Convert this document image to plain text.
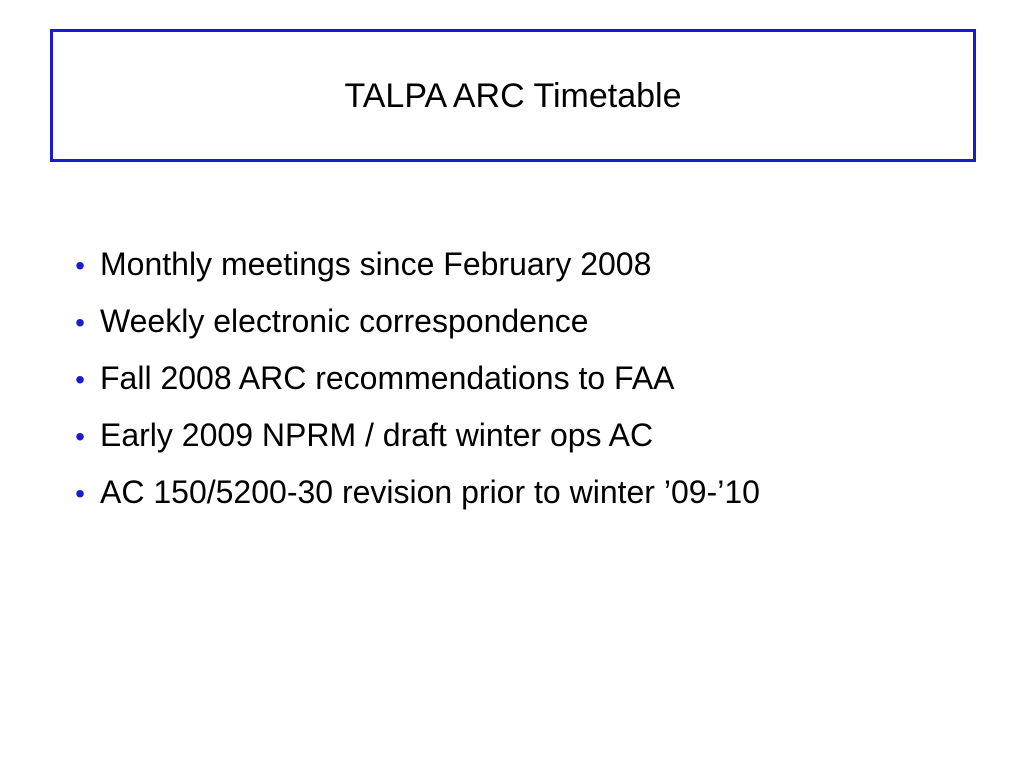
TALPA ARC Timetable
• Monthly meetings since February 2008
• Weekly electronic correspondence
• Fall 2008 ARC recommendations to FAA
• Early 2009 NPRM / draft winter ops AC
• AC 150/5200-30 revision prior to winter ’09-’10
